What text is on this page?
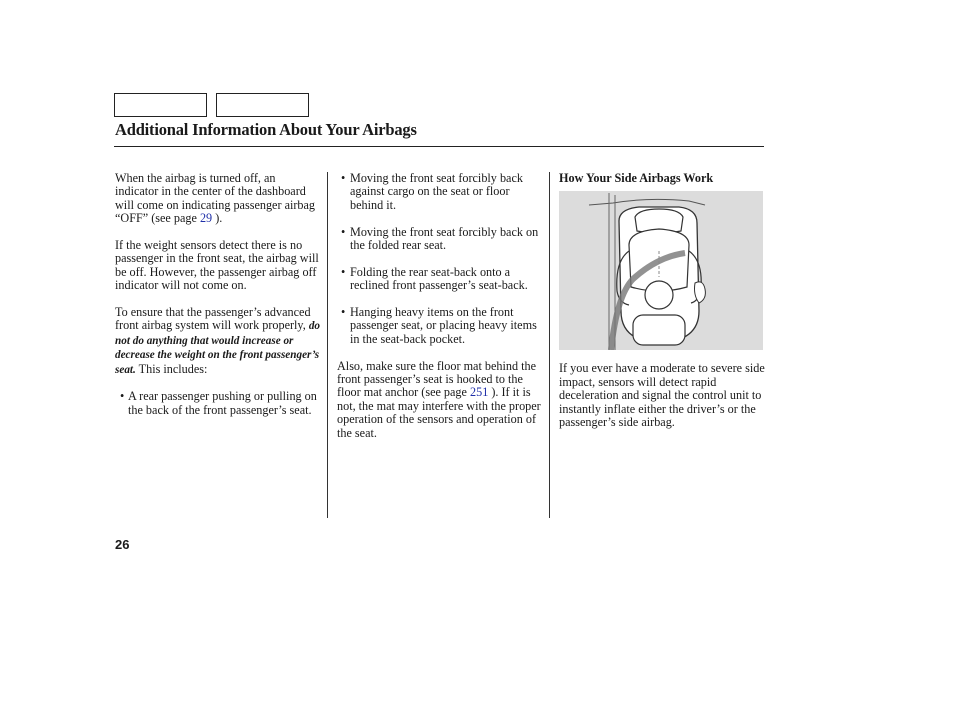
Additional Information About Your Airbags

When the airbag is turned off, an indicator in the center of the dashboard will come on indicating passenger airbag “OFF” (see page 29 ).

If the weight sensors detect there is no passenger in the front seat, the airbag will be off. However, the passenger airbag off indicator will not come on.

To ensure that the passenger’s advanced front airbag system will work properly, do not do anything that would increase or decrease the weight on the front passenger’s seat. This includes:

• A rear passenger pushing or pulling on the back of the front passenger’s seat.
• Moving the front seat forcibly back against cargo on the seat or floor behind it.
• Moving the front seat forcibly back on the folded rear seat.
• Folding the rear seat-back onto a reclined front passenger’s seat-back.
• Hanging heavy items on the front passenger seat, or placing heavy items in the seat-back pocket.

Also, make sure the floor mat behind the front passenger’s seat is hooked to the floor mat anchor (see page 251 ). If it is not, the mat may interfere with the proper operation of the sensors and operation of the seat.

How Your Side Airbags Work

If you ever have a moderate to severe side impact, sensors will detect rapid deceleration and signal the control unit to instantly inflate either the driver’s or the passenger’s side airbag.

26
